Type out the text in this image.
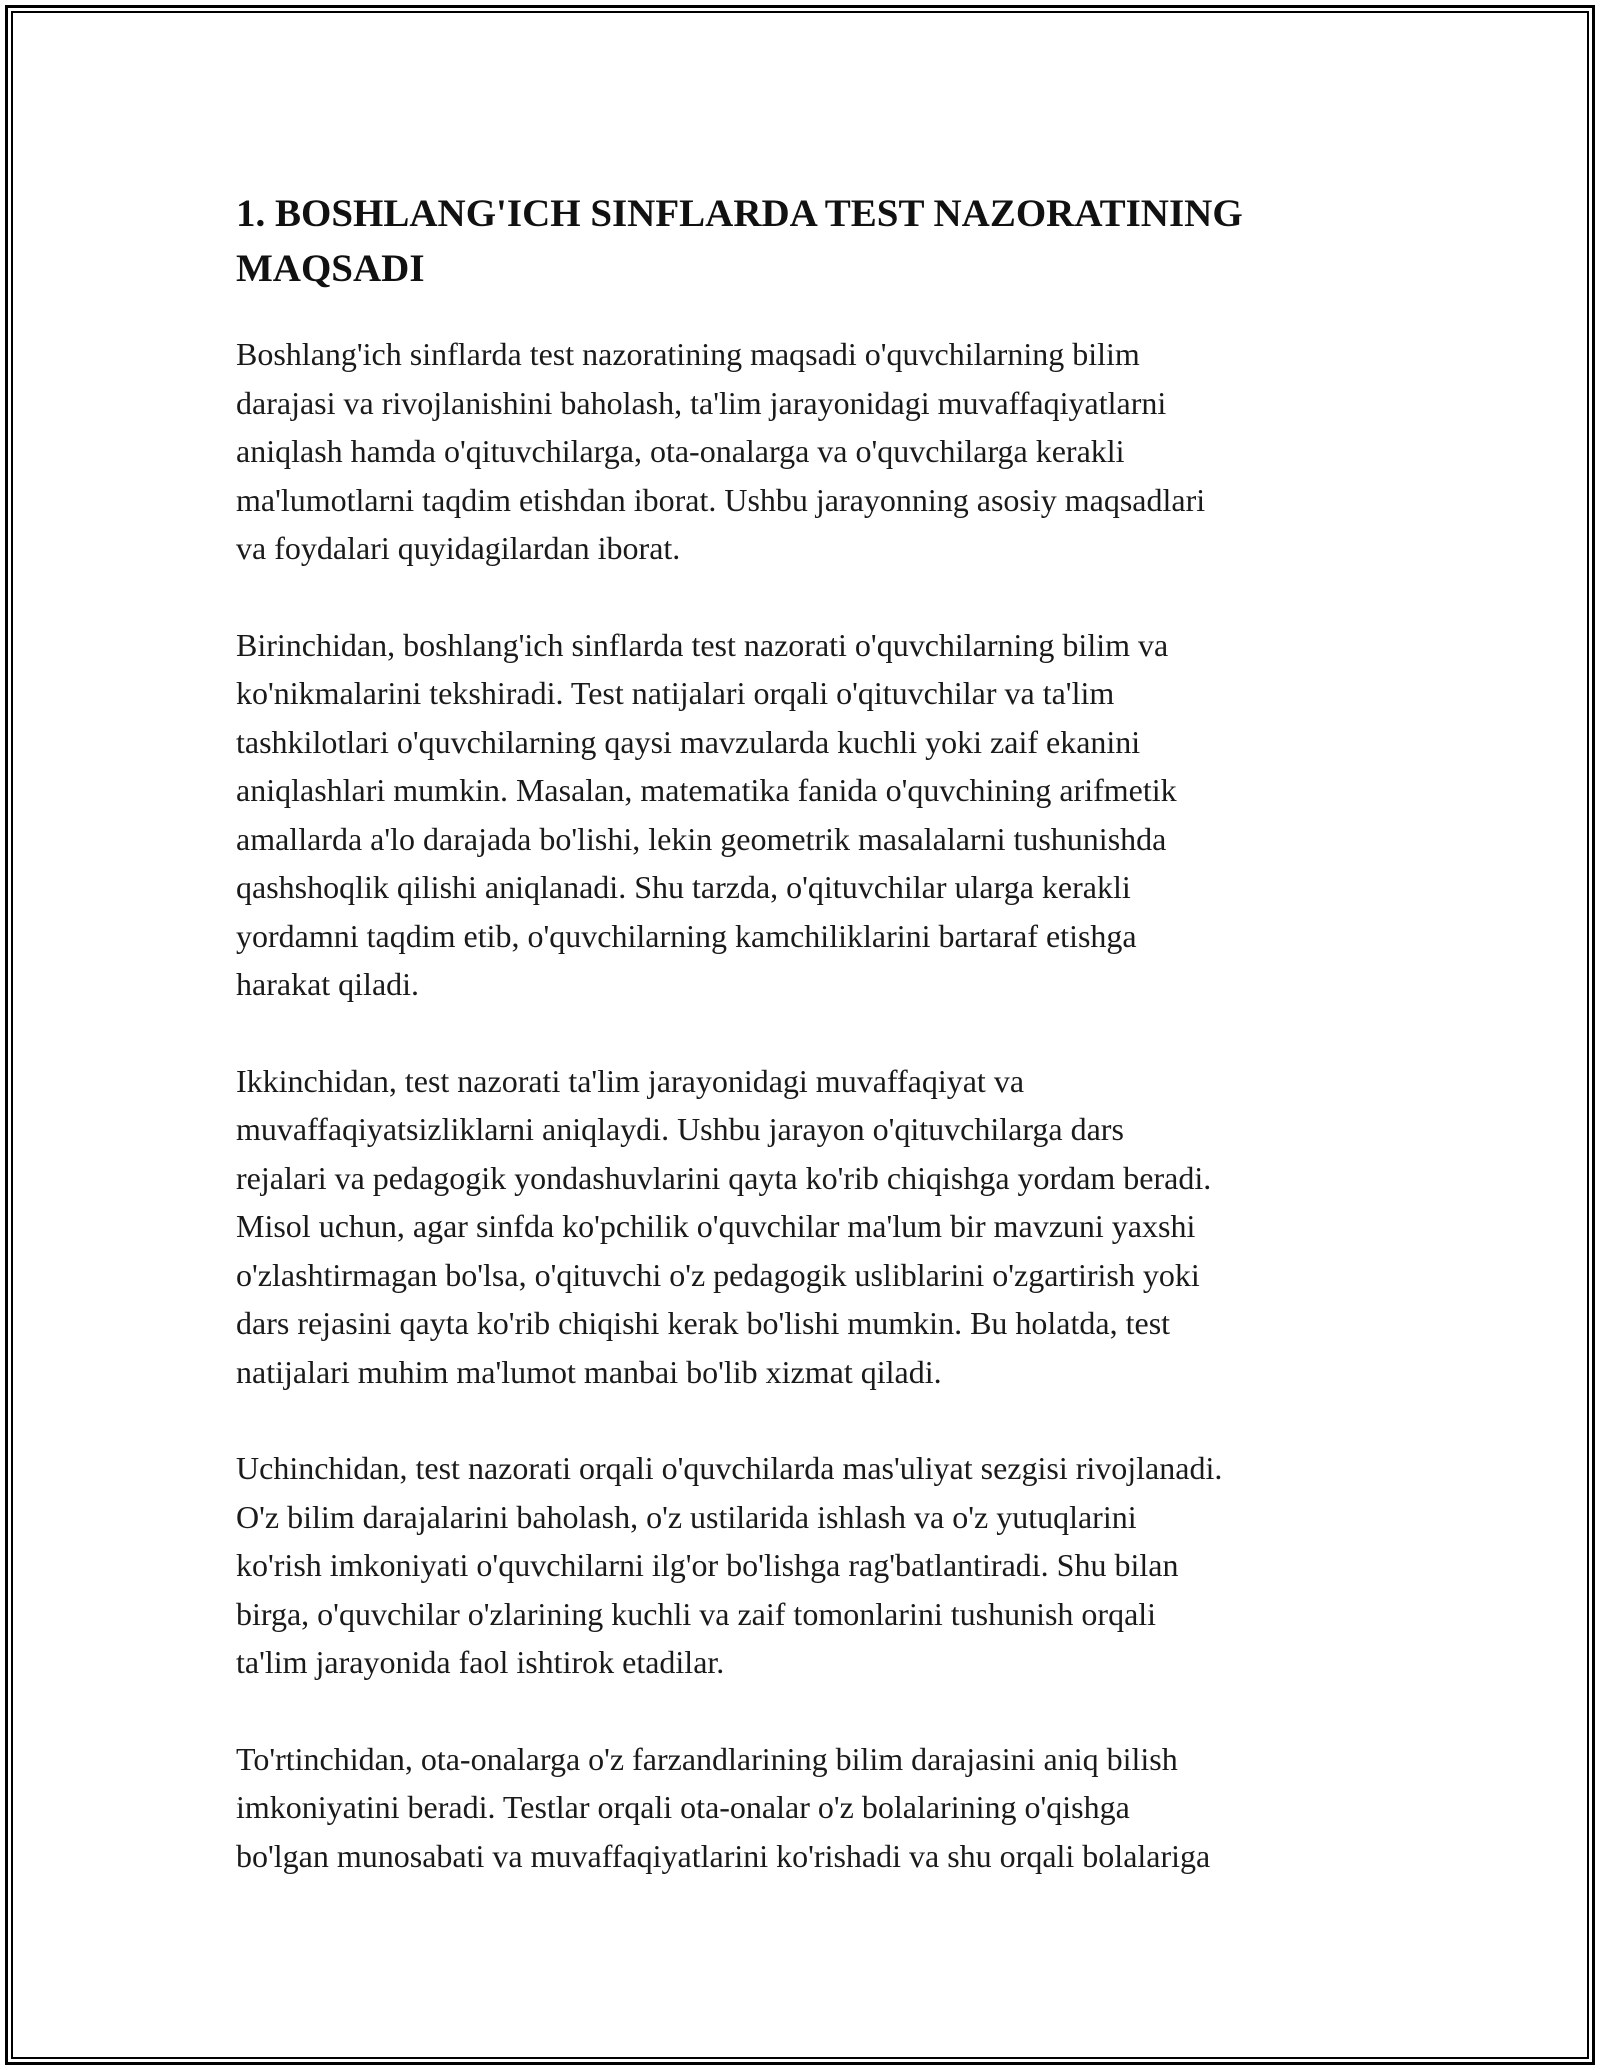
1. BOSHLANG'ICH SINFLARDA TEST NAZORATINING
MAQSADI

Boshlang'ich sinflarda test nazoratining maqsadi o'quvchilarning bilim
darajasi va rivojlanishini baholash, ta'lim jarayonidagi muvaffaqiyatlarni
aniqlash hamda o'qituvchilarga, ota-onalarga va o'quvchilarga kerakli
ma'lumotlarni taqdim etishdan iborat. Ushbu jarayonning asosiy maqsadlari
va foydalari quyidagilardan iborat.

Birinchidan, boshlang'ich sinflarda test nazorati o'quvchilarning bilim va
ko'nikmalarini tekshiradi. Test natijalari orqali o'qituvchilar va ta'lim
tashkilotlari o'quvchilarning qaysi mavzularda kuchli yoki zaif ekanini
aniqlashlari mumkin. Masalan, matematika fanida o'quvchining arifmetik
amallarda a'lo darajada bo'lishi, lekin geometrik masalalarni tushunishda
qashshoqlik qilishi aniqlanadi. Shu tarzda, o'qituvchilar ularga kerakli
yordamni taqdim etib, o'quvchilarning kamchiliklarini bartaraf etishga
harakat qiladi.

Ikkinchidan, test nazorati ta'lim jarayonidagi muvaffaqiyat va
muvaffaqiyatsizliklarni aniqlaydi. Ushbu jarayon o'qituvchilarga dars
rejalari va pedagogik yondashuvlarini qayta ko'rib chiqishga yordam beradi.
Misol uchun, agar sinfda ko'pchilik o'quvchilar ma'lum bir mavzuni yaxshi
o'zlashtirmagan bo'lsa, o'qituvchi o'z pedagogik usliblarini o'zgartirish yoki
dars rejasini qayta ko'rib chiqishi kerak bo'lishi mumkin. Bu holatda, test
natijalari muhim ma'lumot manbai bo'lib xizmat qiladi.

Uchinchidan, test nazorati orqali o'quvchilarda mas'uliyat sezgisi rivojlanadi.
O'z bilim darajalarini baholash, o'z ustilarida ishlash va o'z yutuqlarini
ko'rish imkoniyati o'quvchilarni ilg'or bo'lishga rag'batlantiradi. Shu bilan
birga, o'quvchilar o'zlarining kuchli va zaif tomonlarini tushunish orqali
ta'lim jarayonida faol ishtirok etadilar.

To'rtinchidan, ota-onalarga o'z farzandlarining bilim darajasini aniq bilish
imkoniyatini beradi. Testlar orqali ota-onalar o'z bolalarining o'qishga
bo'lgan munosabati va muvaffaqiyatlarini ko'rishadi va shu orqali bolalariga
